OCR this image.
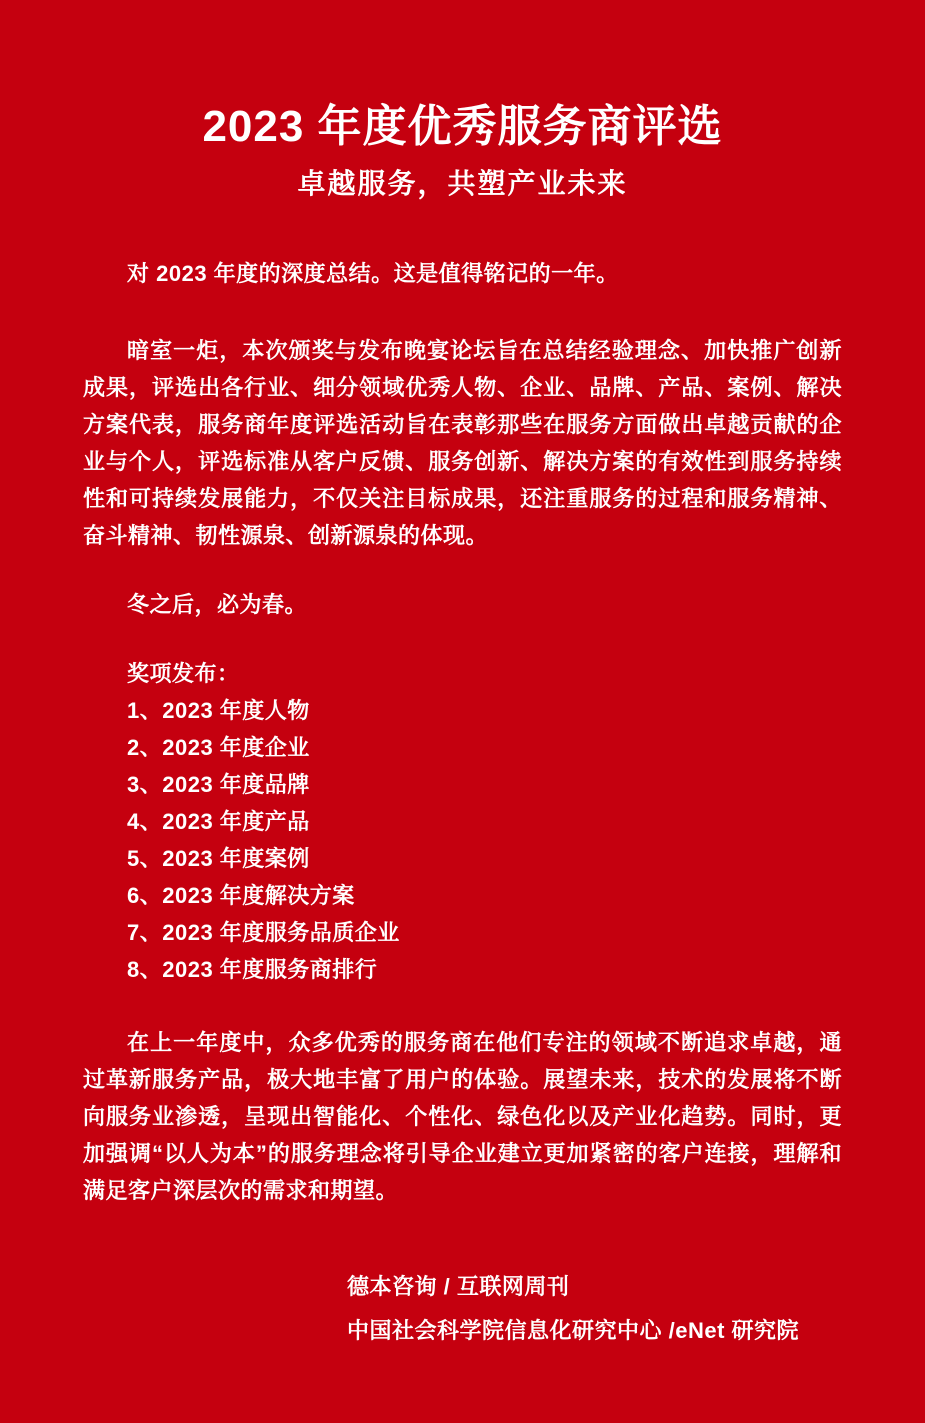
2023 年度优秀服务商评选
卓越服务，共塑产业未来

对 2023 年度的深度总结。这是值得铭记的一年。

暗室一炬，本次颁奖与发布晚宴论坛旨在总结经验理念、加快推广创新成果，评选出各行业、细分领域优秀人物、企业、品牌、产品、案例、解决方案代表，服务商年度评选活动旨在表彰那些在服务方面做出卓越贡献的企业与个人，评选标准从客户反馈、服务创新、解决方案的有效性到服务持续性和可持续发展能力，不仅关注目标成果，还注重服务的过程和服务精神、奋斗精神、韧性源泉、创新源泉的体现。

冬之后，必为春。

奖项发布：
1、2023 年度人物
2、2023 年度企业
3、2023 年度品牌
4、2023 年度产品
5、2023 年度案例
6、2023 年度解决方案
7、2023 年度服务品质企业
8、2023 年度服务商排行

在上一年度中，众多优秀的服务商在他们专注的领域不断追求卓越，通过革新服务产品，极大地丰富了用户的体验。展望未来，技术的发展将不断向服务业渗透，呈现出智能化、个性化、绿色化以及产业化趋势。同时，更加强调“以人为本”的服务理念将引导企业建立更加紧密的客户连接，理解和满足客户深层次的需求和期望。

德本咨询 / 互联网周刊
中国社会科学院信息化研究中心 /eNet 研究院
